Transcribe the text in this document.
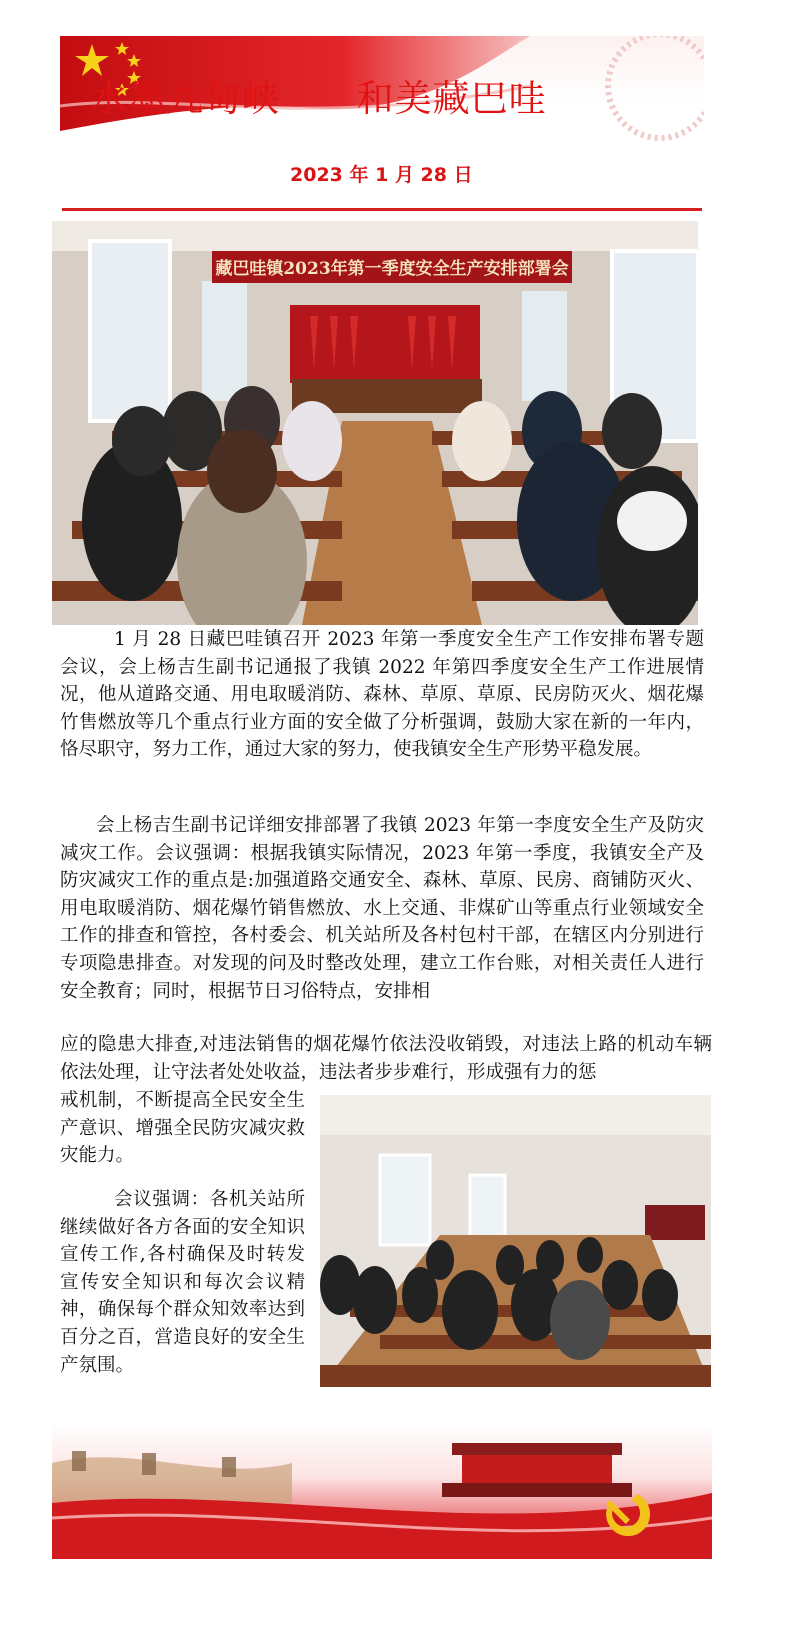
水墨九甸峡 和美藏巴哇
2023 年 1 月 28 日
藏巴哇镇2023年第一季度安全生产安排部署会
1 月 28 日藏巴哇镇召开 2023 年第一季度安全生产工作安排布署专题会议，会上杨吉生副书记通报了我镇 2022 年第四季度安全生产工作进展情况，他从道路交通、用电取暖消防、森林、草原、草原、民房防灭火、烟花爆竹售燃放等几个重点行业方面的安全做了分析强调，鼓励大家在新的一年内，恪尽职守，努力工作，通过大家的努力，使我镇安全生产形势平稳发展。
会上杨吉生副书记详细安排部署了我镇 2023 年第一李度安全生产及防灾减灾工作。会议强调：根据我镇实际情况，2023 年第一季度，我镇安全产及防灾减灾工作的重点是:加强道路交通安全、森林、草原、民房、商铺防灭火、用电取暖消防、烟花爆竹销售燃放、水上交通、非煤矿山等重点行业领域安全工作的排查和管控，各村委会、机关站所及各村包村干部，在辖区内分别进行专项隐患排查。对发现的问及时整改处理，建立工作台账，对相关责任人进行安全教育；同时，根据节日习俗特点，安排相
应的隐患大排查,对违法销售的烟花爆竹依法没收销毁，对违法上路的机动车辆依法处理，让守法者处处收益，违法者步步难行，形成强有力的惩
戒机制，不断提高全民安全生产意识、增强全民防灾减灾救灾能力。
会议强调：各机关站所继续做好各方各面的安全知识宣传工作,各村确保及时转发宣传安全知识和每次会议精神，确保每个群众知效率达到百分之百，営造良好的安全生产氛围。
